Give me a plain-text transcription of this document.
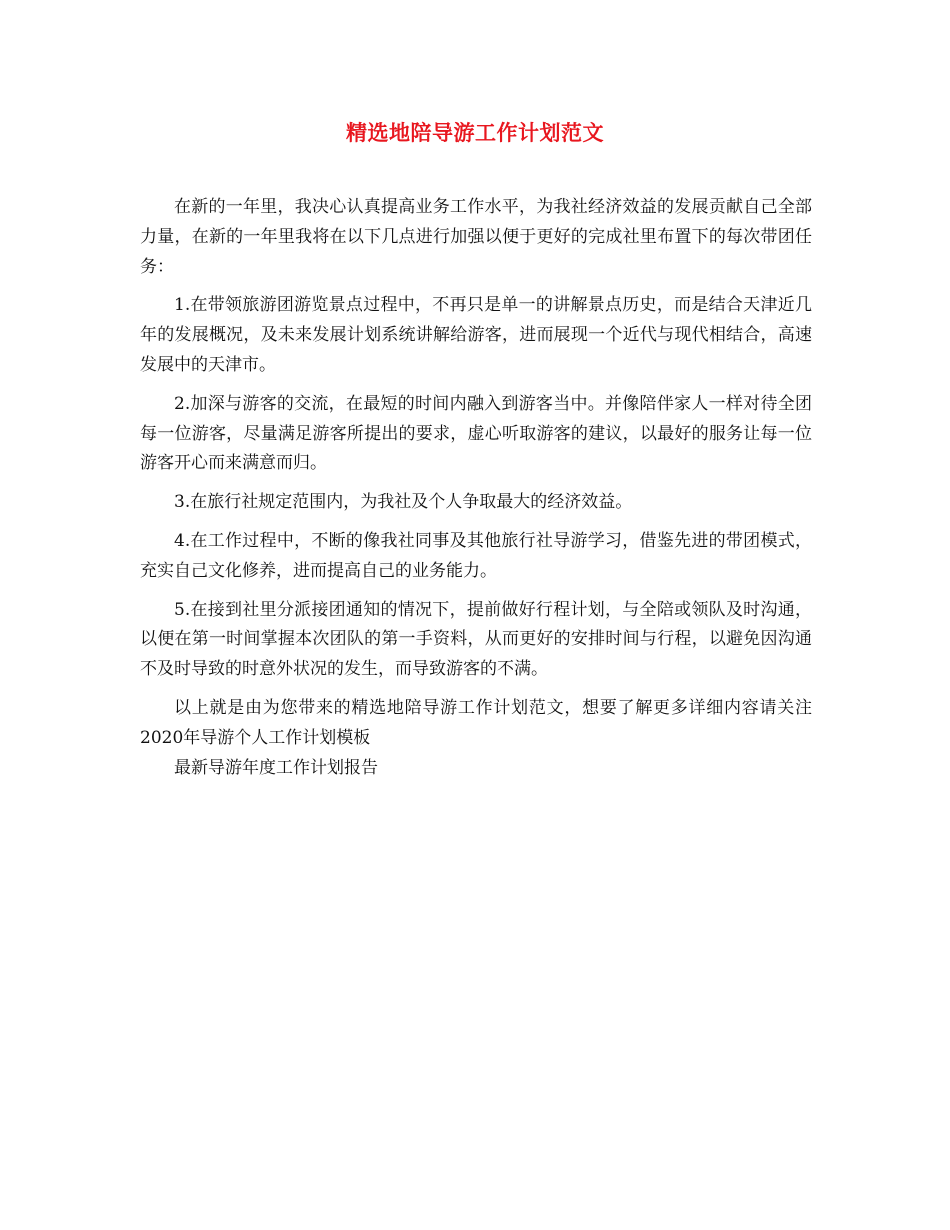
精选地陪导游工作计划范文

在新的一年里，我决心认真提高业务工作水平，为我社经济效益的发展贡献自己全部力量，在新的一年里我将在以下几点进行加强以便于更好的完成社里布置下的每次带团任务：

1.在带领旅游团游览景点过程中，不再只是单一的讲解景点历史，而是结合天津近几年的发展概况，及未来发展计划系统讲解给游客，进而展现一个近代与现代相结合，高速发展中的天津市。

2.加深与游客的交流，在最短的时间内融入到游客当中。并像陪伴家人一样对待全团每一位游客，尽量满足游客所提出的要求，虚心听取游客的建议，以最好的服务让每一位游客开心而来满意而归。

3.在旅行社规定范围内，为我社及个人争取最大的经济效益。

4.在工作过程中，不断的像我社同事及其他旅行社导游学习，借鉴先进的带团模式，充实自己文化修养，进而提高自己的业务能力。

5.在接到社里分派接团通知的情况下，提前做好行程计划，与全陪或领队及时沟通，以便在第一时间掌握本次团队的第一手资料，从而更好的安排时间与行程，以避免因沟通不及时导致的时意外状况的发生，而导致游客的不满。

以上就是由为您带来的精选地陪导游工作计划范文，想要了解更多详细内容请关注2020年导游个人工作计划模板

最新导游年度工作计划报告
